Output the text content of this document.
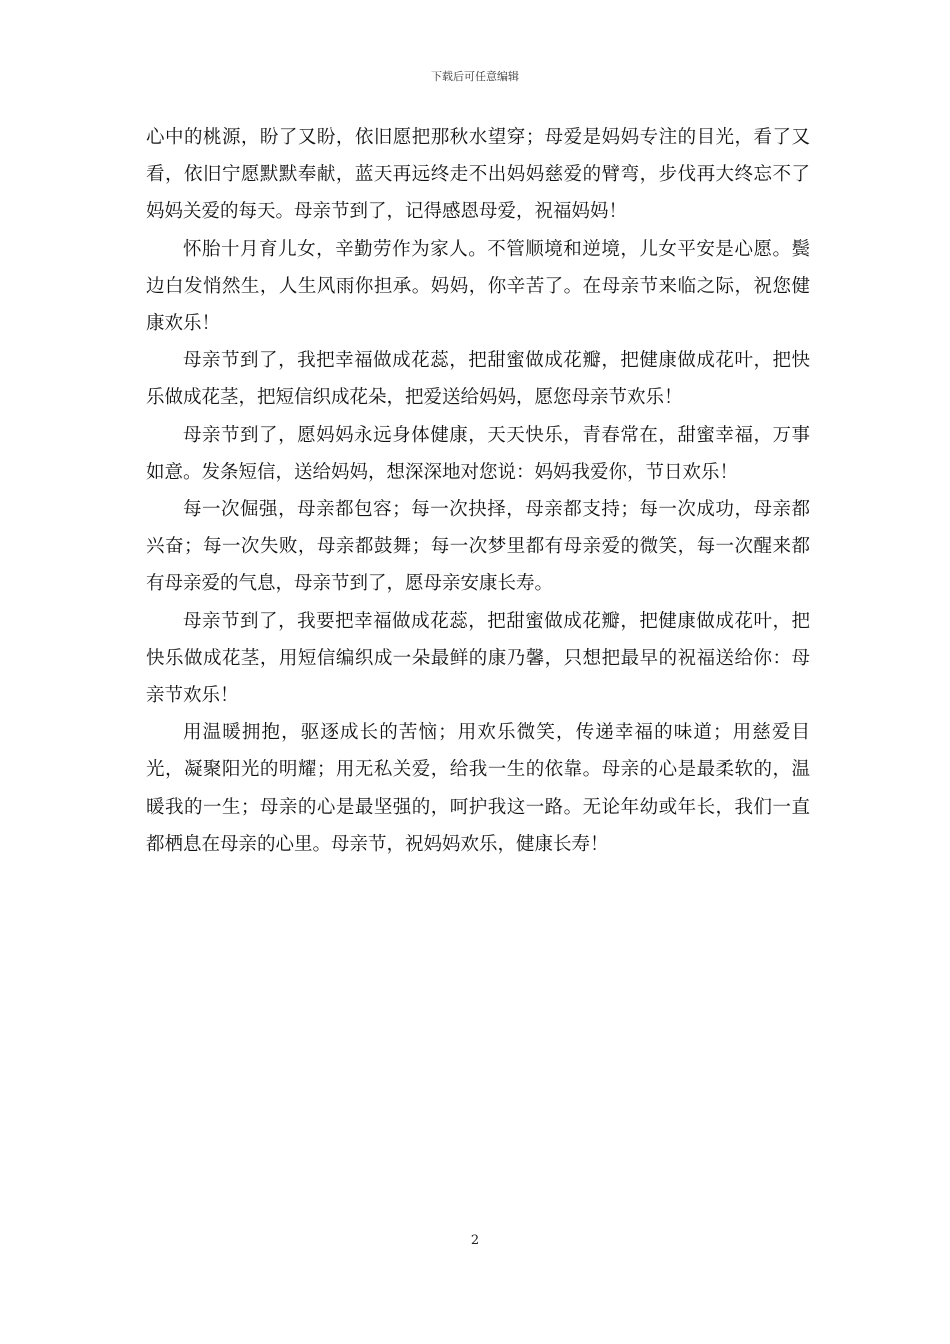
下载后可任意编辑

心中的桃源，盼了又盼，依旧愿把那秋水望穿；母爱是妈妈专注的目光，看了又看，依旧宁愿默默奉献，蓝天再远终走不出妈妈慈爱的臂弯，步伐再大终忘不了妈妈关爱的每天。母亲节到了，记得感恩母爱，祝福妈妈！

怀胎十月育儿女，辛勤劳作为家人。不管顺境和逆境，儿女平安是心愿。鬓边白发悄然生，人生风雨你担承。妈妈，你辛苦了。在母亲节来临之际，祝您健康欢乐！

母亲节到了，我把幸福做成花蕊，把甜蜜做成花瓣，把健康做成花叶，把快乐做成花茎，把短信织成花朵，把爱送给妈妈，愿您母亲节欢乐！

母亲节到了，愿妈妈永远身体健康，天天快乐，青春常在，甜蜜幸福，万事如意。发条短信，送给妈妈，想深深地对您说：妈妈我爱你，节日欢乐！

每一次倔强，母亲都包容；每一次抉择，母亲都支持；每一次成功，母亲都兴奋；每一次失败，母亲都鼓舞；每一次梦里都有母亲爱的微笑，每一次醒来都有母亲爱的气息，母亲节到了，愿母亲安康长寿。

母亲节到了，我要把幸福做成花蕊，把甜蜜做成花瓣，把健康做成花叶，把快乐做成花茎，用短信编织成一朵最鲜的康乃馨，只想把最早的祝福送给你：母亲节欢乐！

用温暖拥抱，驱逐成长的苦恼；用欢乐微笑，传递幸福的味道；用慈爱目光，凝聚阳光的明耀；用无私关爱，给我一生的依靠。母亲的心是最柔软的，温暖我的一生；母亲的心是最坚强的，呵护我这一路。无论年幼或年长，我们一直都栖息在母亲的心里。母亲节，祝妈妈欢乐，健康长寿！

2
